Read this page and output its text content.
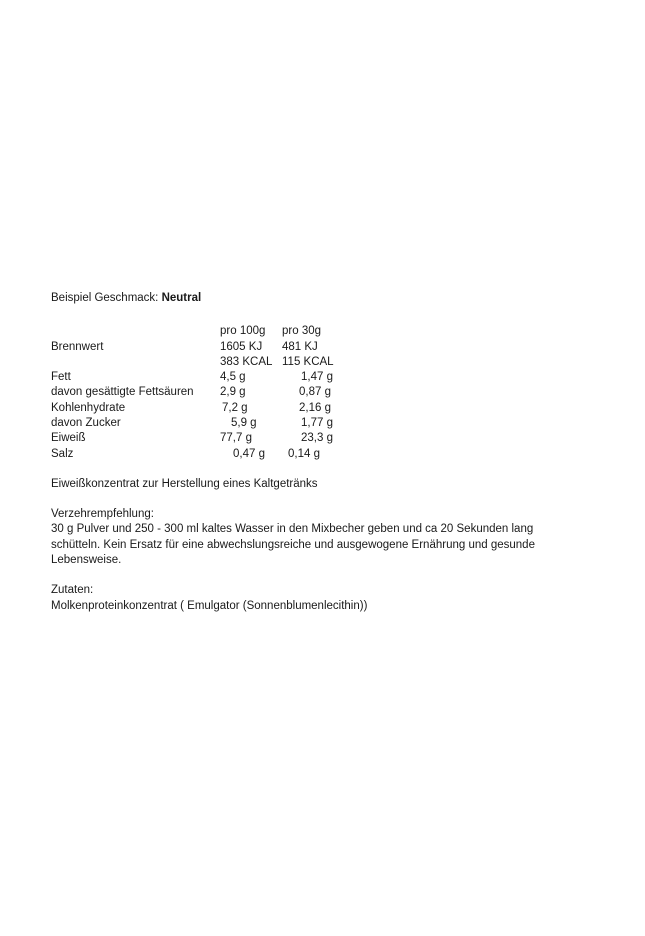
Beispiel Geschmack: Neutral
pro 100g pro 30g
Brennwert	1605 KJ 481 KJ
383 KCAL 115 KCAL
Fett	4,5 g	1,47 g
davon gesättigte Fettsäuren 2,9 g	0,87 g
Kohlenhydrate	7,2 g	2,16 g
davon Zucker	5,9 g	1,77 g
Eiweiß	77,7 g	23,3 g
Salz	0,47 g 0,14 g
Eiweißkonzentrat zur Herstellung eines Kaltgetränks
Verzehrempfehlung:
30 g Pulver und 250 - 300 ml kaltes Wasser in den Mixbecher geben und ca 20 Sekunden lang
schütteln. Kein Ersatz für eine abwechslungsreiche und ausgewogene Ernährung und gesunde
Lebensweise.
Zutaten:
Molkenproteinkonzentrat ( Emulgator (Sonnenblumenlecithin))
